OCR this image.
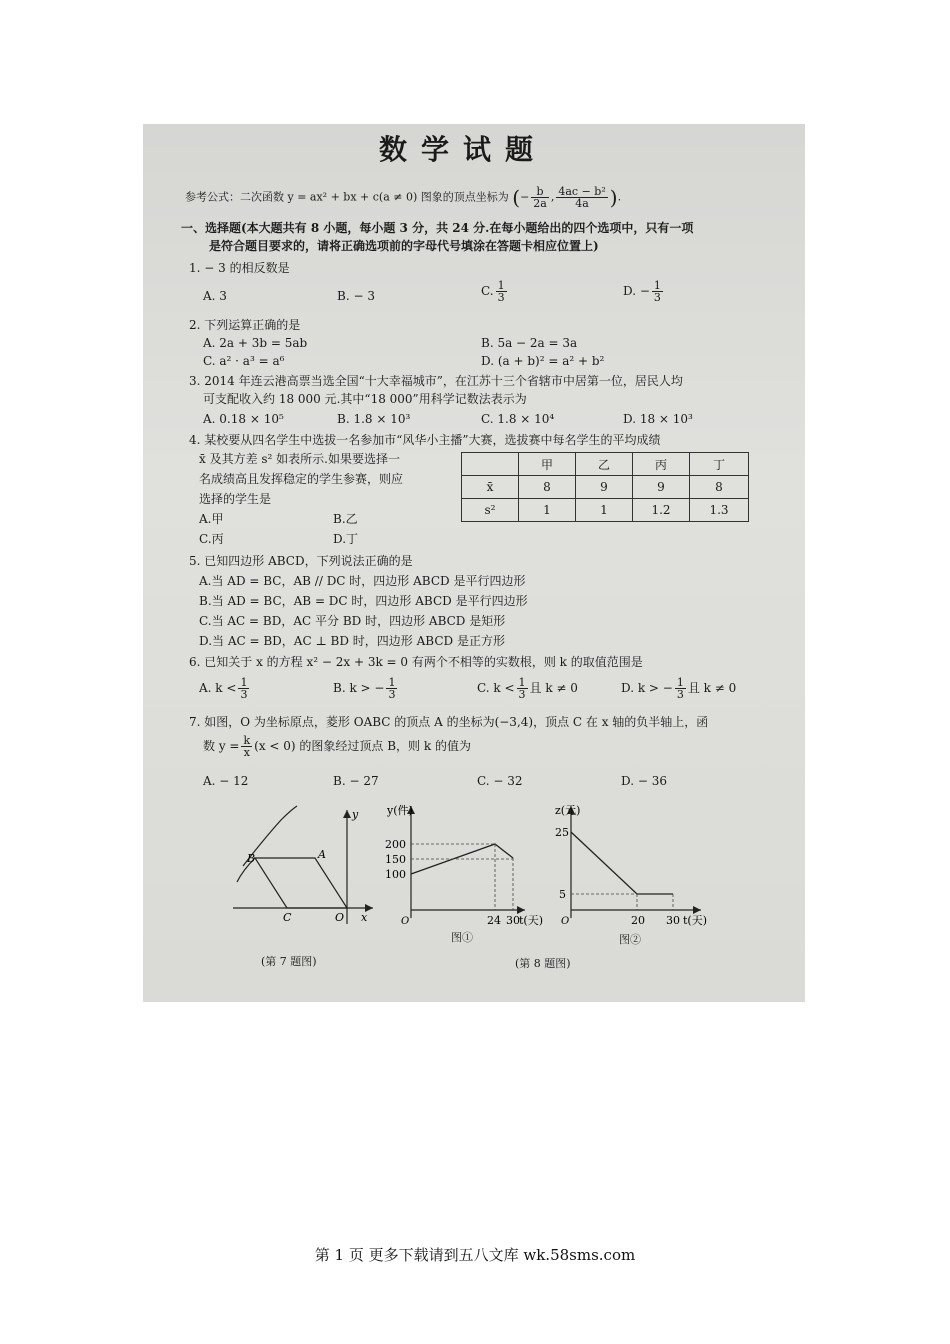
数学试题
参考公式：二次函数 y = ax² + bx + c(a ≠ 0) 图象的顶点坐标为 (− $\frac{b}{2a}$ , $\frac{\text{4ac − b²}}{4a}$ ).
一、选择题(本大题共有 8 小题，每小题 3 分，共 24 分.在每小题给出的四个选项中，只有一项
是符合题目要求的，请将正确选项前的字母代号填涂在答题卡相应位置上)
1. − 3 的相反数是
A. 3	B. − 3	C. $\frac{1}{3}$	D. − $\frac{1}{3}$
2. 下列运算正确的是
A. 2a + 3b = 5ab	B. 5a − 2a = 3a
C. a² · a³ = a⁶	D. (a + b)² = a² + b²
3. 2014 年连云港高票当选全国“十大幸福城市”，在江苏十三个省辖市中居第一位，居民人均
可支配收入约 18 000 元.其中“18 000”用科学记数法表示为
A. 0.18 × 10⁵	B. 1.8 × 10³	C. 1.8 × 10⁴	D. 18 × 10³
4. 某校要从四名学生中选拔一名参加市“风华小主播”大赛，选拔赛中每名学生的平均成绩
x̄ 及其方差 s² 如表所示.如果要选择一
名成绩高且发挥稳定的学生参赛，则应
选择的学生是
A.甲	B.乙
C.丙	D.丁
	甲	乙	丙	丁
x̄	8	9	9	8
s²	1	1	1.2	1.3
5. 已知四边形 ABCD，下列说法正确的是
A.当 AD = BC，AB // DC 时，四边形 ABCD 是平行四边形
B.当 AD = BC，AB = DC 时，四边形 ABCD 是平行四边形
C.当 AC = BD，AC 平分 BD 时，四边形 ABCD 是矩形
D.当 AC = BD，AC ⊥ BD 时，四边形 ABCD 是正方形
6. 已知关于 x 的方程 x² − 2x + 3k = 0 有两个不相等的实数根，则 k 的取值范围是
A. $k < \frac{1}{3}$	B. k > − $\frac{1}{3}$	C. $k < \frac{1}{3}$ 且 k ≠ 0	D. k > − $\frac{1}{3}$ 且 k ≠ 0
7. 如图，O 为坐标原点，菱形 OABC 的顶点 A 的坐标为(−3,4)，顶点 C 在 x 轴的负半轴上，函
数 $y = \frac{k}{x} (x < 0)$ 的图象经过顶点 B，则 k 的值为
A. − 12	B. − 27	C. − 32	D. − 36
y
x
O
A
B
C
(第 7 题图)
y(件)
200
150
100
O	24 30 t(天)
图①
z(元)
25
5
O	20 30 t(天)
图②
(第 8 题图)
第 1 页 更多下载请到五八文库 wk.58sms.com
